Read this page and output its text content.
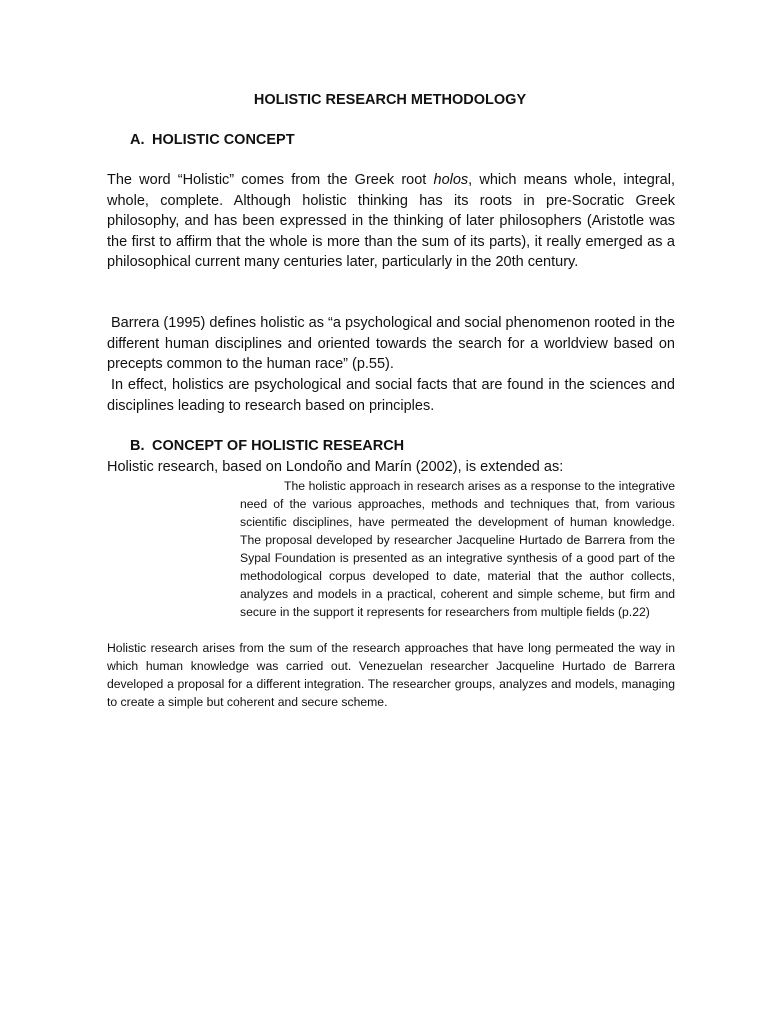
HOLISTIC RESEARCH METHODOLOGY
A. HOLISTIC CONCEPT

The word “Holistic” comes from the Greek root holos, which means whole, integral, whole, complete. Although holistic thinking has its roots in pre-Socratic Greek philosophy, and has been expressed in the thinking of later philosophers (Aristotle was the first to affirm that the whole is more than the sum of its parts), it really emerged as a philosophical current many centuries later, particularly in the 20th century.

Barrera (1995) defines holistic as “a psychological and social phenomenon rooted in the different human disciplines and oriented towards the search for a worldview based on precepts common to the human race” (p.55).

In effect, holistics are psychological and social facts that are found in the sciences and disciplines leading to research based on principles.

B. CONCEPT OF HOLISTIC RESEARCH

Holistic research, based on Londoño and Marín (2002), is extended as:

The holistic approach in research arises as a response to the integrative need of the various approaches, methods and techniques that, from various scientific disciplines, have permeated the development of human knowledge. The proposal developed by researcher Jacqueline Hurtado de Barrera from the Sypal Foundation is presented as an integrative synthesis of a good part of the methodological corpus developed to date, material that the author collects, analyzes and models in a practical, coherent and simple scheme, but firm and secure in the support it represents for researchers from multiple fields (p.22)

Holistic research arises from the sum of the research approaches that have long permeated the way in which human knowledge was carried out. Venezuelan researcher Jacqueline Hurtado de Barrera developed a proposal for a different integration. The researcher groups, analyzes and models, managing to create a simple but coherent and secure scheme.
